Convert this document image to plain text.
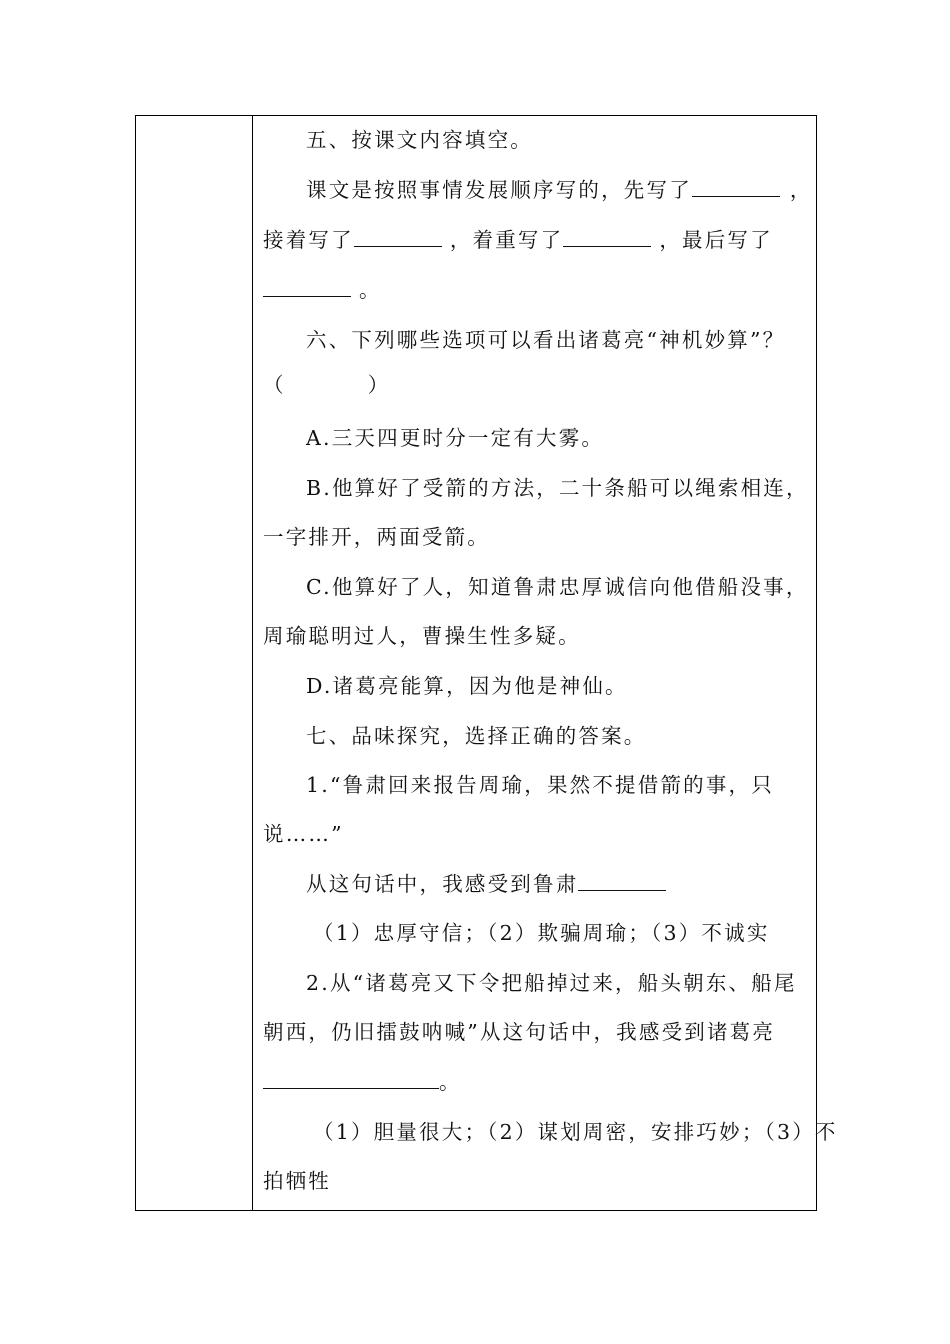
五、按课文内容填空。
课文是按照事情发展顺序写的，先写了	，
接着写了	，着重写了	，最后写了
。
六、下列哪些选项可以看出诸葛亮“神机妙算”？
（	）
A.三天四更时分一定有大雾。
B.他算好了受箭的方法，二十条船可以绳索相连，
一字排开，两面受箭。
C.他算好了人，知道鲁肃忠厚诚信向他借船没事，
周瑜聪明过人，曹操生性多疑。
D.诸葛亮能算，因为他是神仙。
七、品味探究，选择正确的答案。
1.“鲁肃回来报告周瑜，果然不提借箭的事，只
说……”
从这句话中，我感受到鲁肃
（1）忠厚守信；（2）欺骗周瑜；（3）不诚实
2.从“诸葛亮又下令把船掉过来，船头朝东、船尾
朝西，仍旧擂鼓呐喊”从这句话中，我感受到诸葛亮
。
（1）胆量很大；（2）谋划周密，安排巧妙；（3）不
拍牺牲
